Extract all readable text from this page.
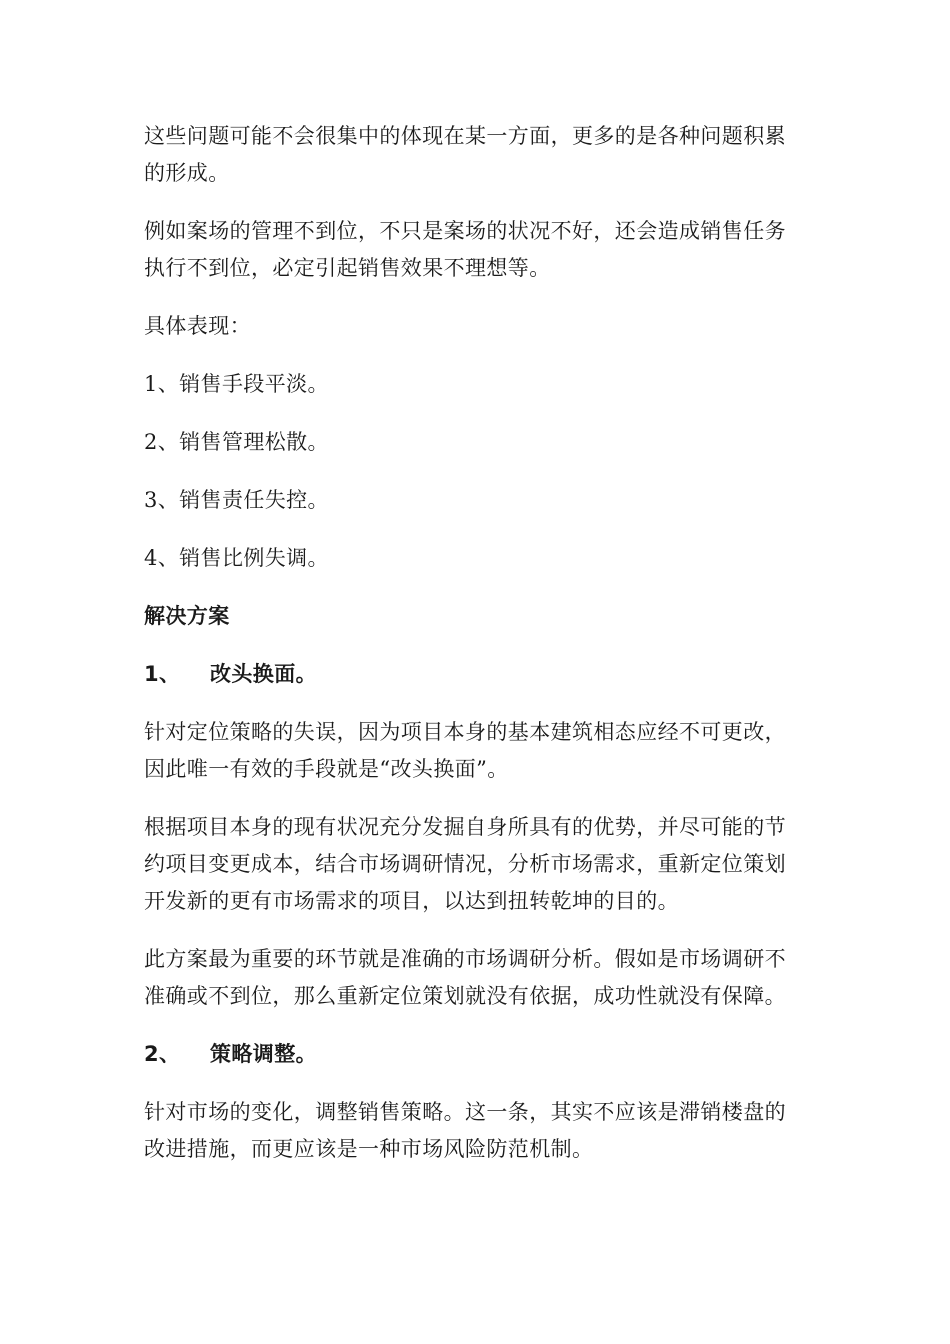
这些问题可能不会很集中的体现在某一方面，更多的是各种问题积累的形成。

例如案场的管理不到位，不只是案场的状况不好，还会造成销售任务执行不到位，必定引起销售效果不理想等。

具体表现：

1、销售手段平淡。

2、销售管理松散。

3、销售责任失控。

4、销售比例失调。

解决方案

1、	改头换面。

针对定位策略的失误，因为项目本身的基本建筑相态应经不可更改，因此唯一有效的手段就是“改头换面”。

根据项目本身的现有状况充分发掘自身所具有的优势，并尽可能的节约项目变更成本，结合市场调研情况，分析市场需求，重新定位策划开发新的更有市场需求的项目，以达到扭转乾坤的目的。

此方案最为重要的环节就是准确的市场调研分析。假如是市场调研不准确或不到位，那么重新定位策划就没有依据，成功性就没有保障。

2、	策略调整。

针对市场的变化，调整销售策略。这一条，其实不应该是滞销楼盘的改进措施，而更应该是一种市场风险防范机制。
